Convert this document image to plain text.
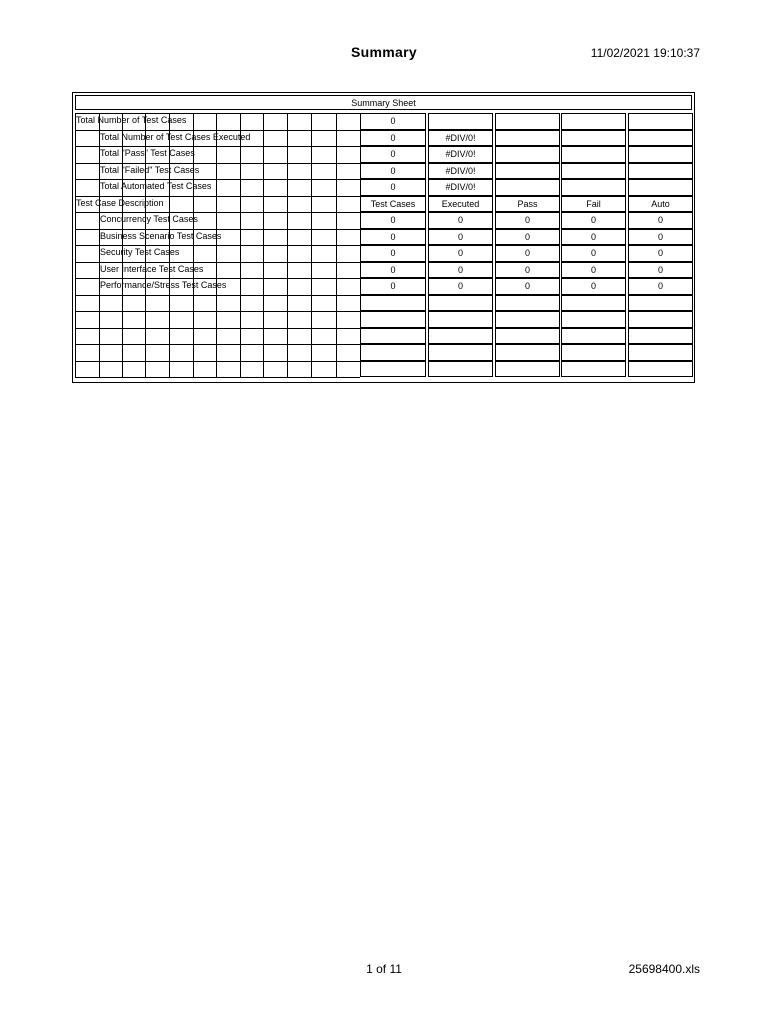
Summary	11/02/2021 19:10:37
Summary Sheet
Total Number of Test Cases	0
Total Number of Test Cases Executed	0	#DIV/0!
Total "Pass" Test Cases	0	#DIV/0!
Total "Failed" Test Cases	0	#DIV/0!
Total Automated Test Cases	0	#DIV/0!
Test Case Description	Test Cases	Executed	Pass	Fail	Auto
Concurrency Test Cases	0	0	0	0	0
Business Scenario Test Cases	0	0	0	0	0
Security Test Cases	0	0	0	0	0
User Interface Test Cases	0	0	0	0	0
Performance/Stress Test Cases	0	0	0	0	0
1 of 11	25698400.xls
